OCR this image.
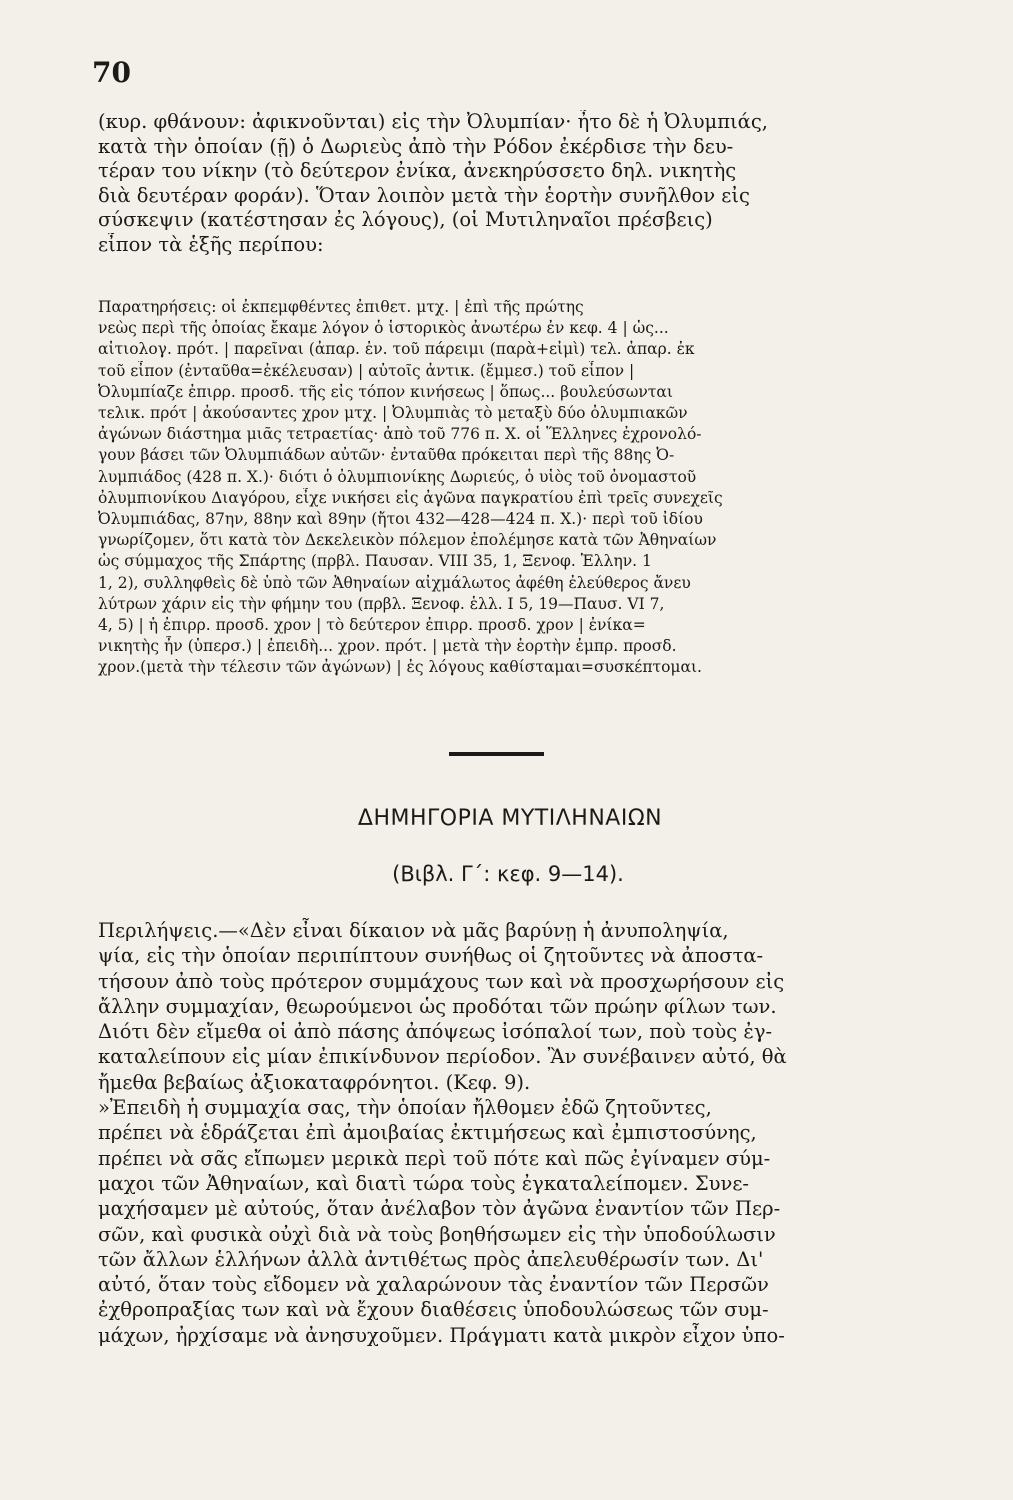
70
(κυρ. φθάνουν: ἀφικνοῦνται) εἰς τὴν Ὀλυμπίαν· ἦτο δὲ ἡ Ὀλυμπιάς,
κατὰ τὴν ὁποίαν (ῇ) ὁ Δωριεὺς ἀπὸ τὴν Ρόδον ἐκέρδισε τὴν δευ-
τέραν του νίκην (τὸ δεύτερον ἐνίκα, ἀνεκηρύσσετο δηλ. νικητὴς
διὰ δευτέραν φοράν). Ὅταν λοιπὸν μετὰ τὴν ἑορτὴν συνῆλθον εἰς
σύσκεψιν (κατέστησαν ἐς λόγους), (οἱ Μυτιληναῖοι πρέσβεις)
εἶπον τὰ ἑξῆς περίπου:
Παρατηρήσεις: οἱ ἐκπεμφθέντες ἐπιθετ. μτχ. | ἐπὶ τῆς πρώτης
νεὼς περὶ τῆς ὁποίας ἔκαμε λόγον ὁ ἱστορικὸς ἀνωτέρω ἐν κεφ. 4 | ὡς...
αἰτιολογ. πρότ. | παρεῖναι (ἀπαρ. ἐν. τοῦ πάρειμι (παρὰ+εἰμὶ) τελ. ἀπαρ. ἐκ
τοῦ εἶπον (ἐνταῦθα=ἐκέλευσαν) | αὐτοῖς ἀντικ. (ἔμμεσ.) τοῦ εἶπον |
Ὀλυμπίαζε ἐπιρρ. προσδ. τῆς εἰς τόπον κινήσεως | ὅπως... βουλεύσωνται
τελικ. πρότ | ἀκούσαντες χρον μτχ. | Ὀλυμπιὰς τὸ μεταξὺ δύο ὀλυμπιακῶν
ἀγώνων διάστημα μιᾶς τετραετίας· ἀπὸ τοῦ 776 π. Χ. οἱ Ἕλληνες ἐχρονολό-
γουν βάσει τῶν Ὀλυμπιάδων αὐτῶν· ἐνταῦθα πρόκειται περὶ τῆς 88ης Ὀ-
λυμπιάδος (428 π. Χ.)· διότι ὁ ὀλυμπιονίκης Δωριεύς, ὁ υἱὸς τοῦ ὀνομαστοῦ
ὀλυμπιονίκου Διαγόρου, εἶχε νικήσει εἰς ἀγῶνα παγκρατίου ἐπὶ τρεῖς συνεχεῖς
Ὀλυμπιάδας, 87ην, 88ην καὶ 89ην (ἤτοι 432—428—424 π. Χ.)· περὶ τοῦ ἰδίου
γνωρίζομεν, ὅτι κατὰ τὸν Δεκελεικὸν πόλεμον ἐπολέμησε κατὰ τῶν Ἀθηναίων
ὡς σύμμαχος τῆς Σπάρτης (πρβλ. Παυσαν. VIII 35, 1, Ξενοφ. Ἑλλην. 1
1, 2), συλληφθεὶς δὲ ὑπὸ τῶν Ἀθηναίων αἰχμάλωτος ἀφέθη ἐλεύθερος ἄνευ
λύτρων χάριν εἰς τὴν φήμην του (πρβλ. Ξενοφ. ἑλλ. I 5, 19—Παυσ. VI 7,
4, 5) | ἡ ἐπιρρ. προσδ. χρον | τὸ δεύτερον ἐπιρρ. προσδ. χρον | ἐνίκα=
νικητὴς ἦν (ὑπερσ.) | ἐπειδὴ... χρον. πρότ. | μετὰ τὴν ἑορτὴν ἐμπρ. προσδ.
χρον.(μετὰ τὴν τέλεσιν τῶν ἀγώνων) | ἐς λόγους καθίσταμαι=συσκέπτομαι.
ΔΗΜΗΓΟΡΙΑ ΜΥΤΙΛΗΝΑΙΩΝ
(Βιβλ. Γ΄: κεφ. 9—14).
Περιλήψεις.—«Δὲν εἶναι δίκαιον νὰ μᾶς βαρύνῃ ἡ ἀνυποληψία,
ψία, εἰς τὴν ὁποίαν περιπίπτουν συνήθως οἱ ζητοῦντες νὰ ἀποστα-
τήσουν ἀπὸ τοὺς πρότερον συμμάχους των καὶ νὰ προσχωρήσουν εἰς
ἄλλην συμμαχίαν, θεωρούμενοι ὡς προδόται τῶν πρώην φίλων των.
Διότι δὲν εἴμεθα οἱ ἀπὸ πάσης ἀπόψεως ἰσόπαλοί των, ποὺ τοὺς ἐγ-
καταλείπουν εἰς μίαν ἐπικίνδυνον περίοδον. Ἂν συνέβαινεν αὐτό, θὰ
ἤμεθα βεβαίως ἀξιοκαταφρόνητοι. (Κεφ. 9).
»Ἐπειδὴ ἡ συμμαχία σας, τὴν ὁποίαν ἤλθομεν ἐδῶ ζητοῦντες,
πρέπει νὰ ἑδράζεται ἐπὶ ἀμοιβαίας ἐκτιμήσεως καὶ ἐμπιστοσύνης,
πρέπει νὰ σᾶς εἴπωμεν μερικὰ περὶ τοῦ πότε καὶ πῶς ἐγίναμεν σύμ-
μαχοι τῶν Ἀθηναίων, καὶ διατὶ τώρα τοὺς ἐγκαταλείπομεν. Συνε-
μαχήσαμεν μὲ αὐτούς, ὅταν ἀνέλαβον τὸν ἀγῶνα ἐναντίον τῶν Περ-
σῶν, καὶ φυσικὰ οὐχὶ διὰ νὰ τοὺς βοηθήσωμεν εἰς τὴν ὑποδούλωσιν
τῶν ἄλλων ἑλλήνων ἀλλὰ ἀντιθέτως πρὸς ἀπελευθέρωσίν των. Δι'
αὐτό, ὅταν τοὺς εἴδομεν νὰ χαλαρώνουν τὰς ἐναντίον τῶν Περσῶν
ἐχθροπραξίας των καὶ νὰ ἔχουν διαθέσεις ὑποδουλώσεως τῶν συμ-
μάχων, ἠρχίσαμε νὰ ἀνησυχοῦμεν. Πράγματι κατὰ μικρὸν εἶχον ὑπο-
